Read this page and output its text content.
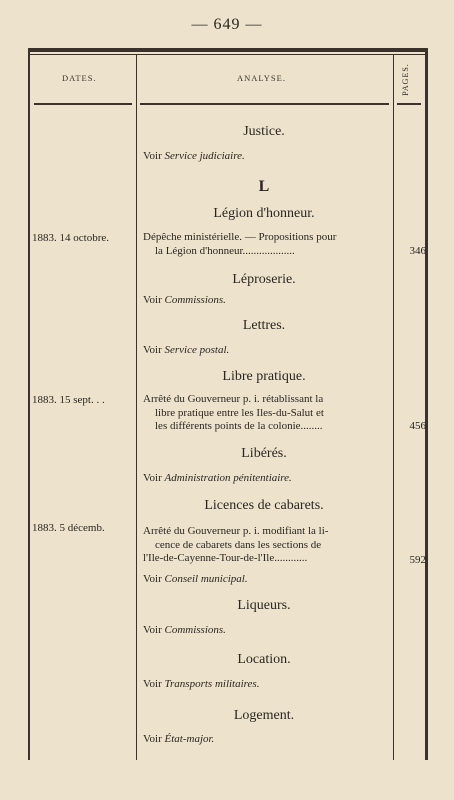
— 649 —
DATES.	ANALYSE.	PAGES.
Justice.
Voir Service judiciaire.
L
Légion d'honneur.
1883. 14 octobre.	Dépêche ministérielle. — Propositions pour
la Légion d'honneur...................	346
Léproserie.
Voir Commissions.
Lettres.
Voir Service postal.
Libre pratique.
1883. 15 sept. . .	Arrêté du Gouverneur p. i. rétablissant la
libre pratique entre les Iles-du-Salut et
les différents points de la colonie........	456
Libérés.
Voir Administration pénitentiaire.
Licences de cabarets.
1883. 5 décemb.	Arrêté du Gouverneur p. i. modifiant la li-
cence de cabarets dans les sections de
l'Ile-de-Cayenne-Tour-de-l'Ile............	592
Voir Conseil municipal.
Liqueurs.
Voir Commissions.
Location.
Voir Transports militaires.
Logement.
Voir État-major.
